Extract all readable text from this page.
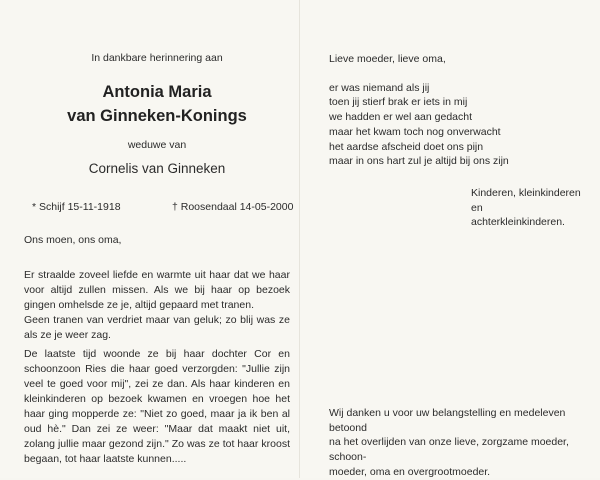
In dankbare herinnering aan
Antonia Maria
van Ginneken-Konings
weduwe van
Cornelis van Ginneken
* Schijf 15-11-1918	† Roosendaal 14-05-2000

Ons moen, ons oma,

Er straalde zoveel liefde en warmte uit haar dat we haar voor altijd zullen missen. Als we bij haar op bezoek gingen omhelsde ze je, altijd gepaard met tranen.

Geen tranen van verdriet maar van geluk; zo blij was ze als ze je weer zag.

De laatste tijd woonde ze bij haar dochter Cor en schoonzoon Ries die haar goed verzorgden: "Jullie zijn veel te goed voor mij", zei ze dan. Als haar kinderen en kleinkinderen op bezoek kwamen en vroegen hoe het haar ging mopperde ze: "Niet zo goed, maar ja ik ben al oud hè." Dan zei ze weer: "Maar dat maakt niet uit, zolang jullie maar gezond zijn." Zo was ze tot haar kroost begaan, tot haar laatste kunnen.....

Lieve moeder, lieve oma,

er was niemand als jij

toen jij stierf brak er iets in mij

we hadden er wel aan gedacht

maar het kwam toch nog onverwacht

het aardse afscheid doet ons pijn

maar in ons hart zul je altijd bij ons zijn

Kinderen, kleinkinderen en

achterkleinkinderen.

Wij danken u voor uw belangstelling en medeleven betoond

na het overlijden van onze lieve, zorgzame moeder, schoon-

moeder, oma en overgrootmoeder.
